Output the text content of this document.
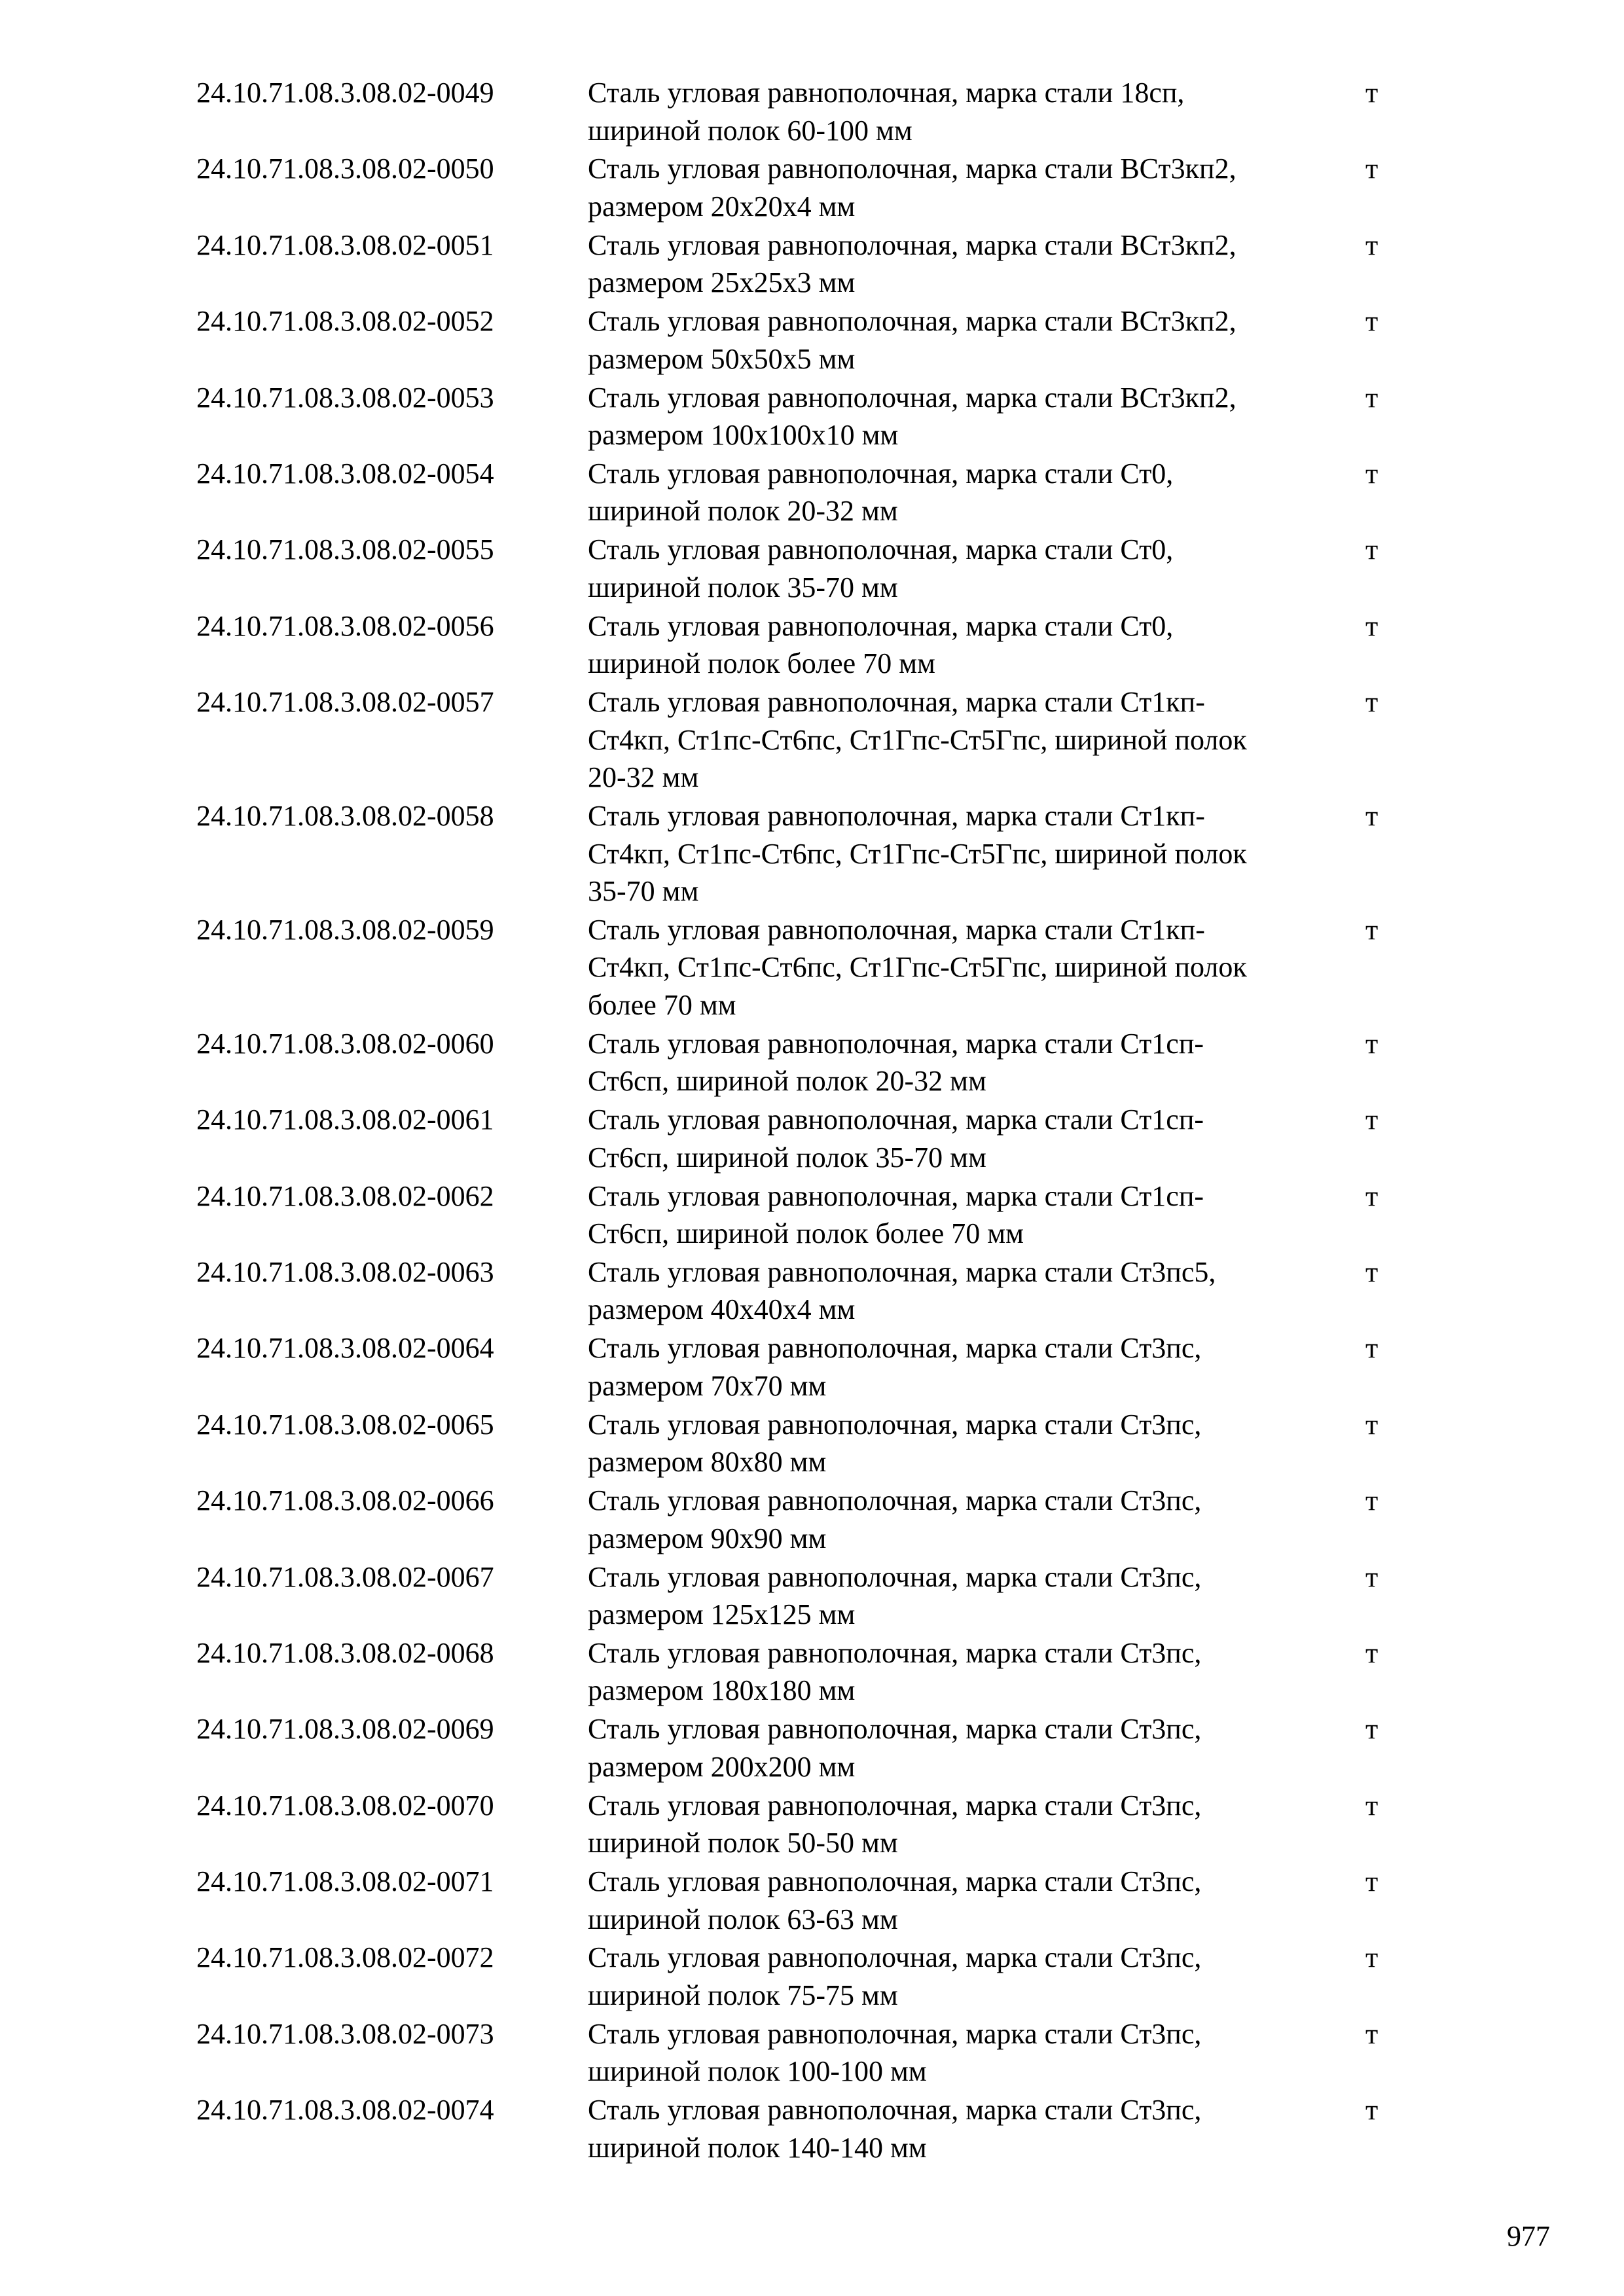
24.10.71.08.3.08.02-0049	Сталь угловая равнополочная, марка стали 18сп,
шириной полок 60-100 мм
т
24.10.71.08.3.08.02-0050	Сталь угловая равнополочная, марка стали ВСт3кп2,
размером 20х20х4 мм
т
24.10.71.08.3.08.02-0051	Сталь угловая равнополочная, марка стали ВСт3кп2,
размером 25х25х3 мм
т
24.10.71.08.3.08.02-0052	Сталь угловая равнополочная, марка стали ВСт3кп2,
размером 50х50х5 мм
т
24.10.71.08.3.08.02-0053	Сталь угловая равнополочная, марка стали ВСт3кп2,
размером 100х100х10 мм
т
24.10.71.08.3.08.02-0054	Сталь угловая равнополочная, марка стали Ст0,
шириной полок 20-32 мм
т
24.10.71.08.3.08.02-0055	Сталь угловая равнополочная, марка стали Ст0,
шириной полок 35-70 мм
т
24.10.71.08.3.08.02-0056	Сталь угловая равнополочная, марка стали Ст0,
шириной полок более 70 мм
т
24.10.71.08.3.08.02-0057	Сталь угловая равнополочная, марка стали Ст1кп-
Ст4кп, Ст1пс-Ст6пс, Ст1Гпс-Ст5Гпс, шириной полок
20-32 мм
т
24.10.71.08.3.08.02-0058	Сталь угловая равнополочная, марка стали Ст1кп-
Ст4кп, Ст1пс-Ст6пс, Ст1Гпс-Ст5Гпс, шириной полок
35-70 мм
т
24.10.71.08.3.08.02-0059	Сталь угловая равнополочная, марка стали Ст1кп-
Ст4кп, Ст1пс-Ст6пс, Ст1Гпс-Ст5Гпс, шириной полок
более 70 мм
т
24.10.71.08.3.08.02-0060	Сталь угловая равнополочная, марка стали Ст1сп-
Ст6сп, шириной полок 20-32 мм
т
24.10.71.08.3.08.02-0061	Сталь угловая равнополочная, марка стали Ст1сп-
Ст6сп, шириной полок 35-70 мм
т
24.10.71.08.3.08.02-0062	Сталь угловая равнополочная, марка стали Ст1сп-
Ст6сп, шириной полок более 70 мм
т
24.10.71.08.3.08.02-0063	Сталь угловая равнополочная, марка стали Ст3пс5,
размером 40х40х4 мм
т
24.10.71.08.3.08.02-0064	Сталь угловая равнополочная, марка стали Ст3пс,
размером 70х70 мм
т
24.10.71.08.3.08.02-0065	Сталь угловая равнополочная, марка стали Ст3пс,
размером 80х80 мм
т
24.10.71.08.3.08.02-0066	Сталь угловая равнополочная, марка стали Ст3пс,
размером 90х90 мм
т
24.10.71.08.3.08.02-0067	Сталь угловая равнополочная, марка стали Ст3пс,
размером 125х125 мм
т
24.10.71.08.3.08.02-0068	Сталь угловая равнополочная, марка стали Ст3пс,
размером 180х180 мм
т
24.10.71.08.3.08.02-0069	Сталь угловая равнополочная, марка стали Ст3пс,
размером 200х200 мм
т
24.10.71.08.3.08.02-0070	Сталь угловая равнополочная, марка стали Ст3пс,
шириной полок 50-50 мм
т
24.10.71.08.3.08.02-0071	Сталь угловая равнополочная, марка стали Ст3пс,
шириной полок 63-63 мм
т
24.10.71.08.3.08.02-0072	Сталь угловая равнополочная, марка стали Ст3пс,
шириной полок 75-75 мм
т
24.10.71.08.3.08.02-0073	Сталь угловая равнополочная, марка стали Ст3пс,
шириной полок 100-100 мм
т
24.10.71.08.3.08.02-0074	Сталь угловая равнополочная, марка стали Ст3пс,
шириной полок 140-140 мм
т
977
